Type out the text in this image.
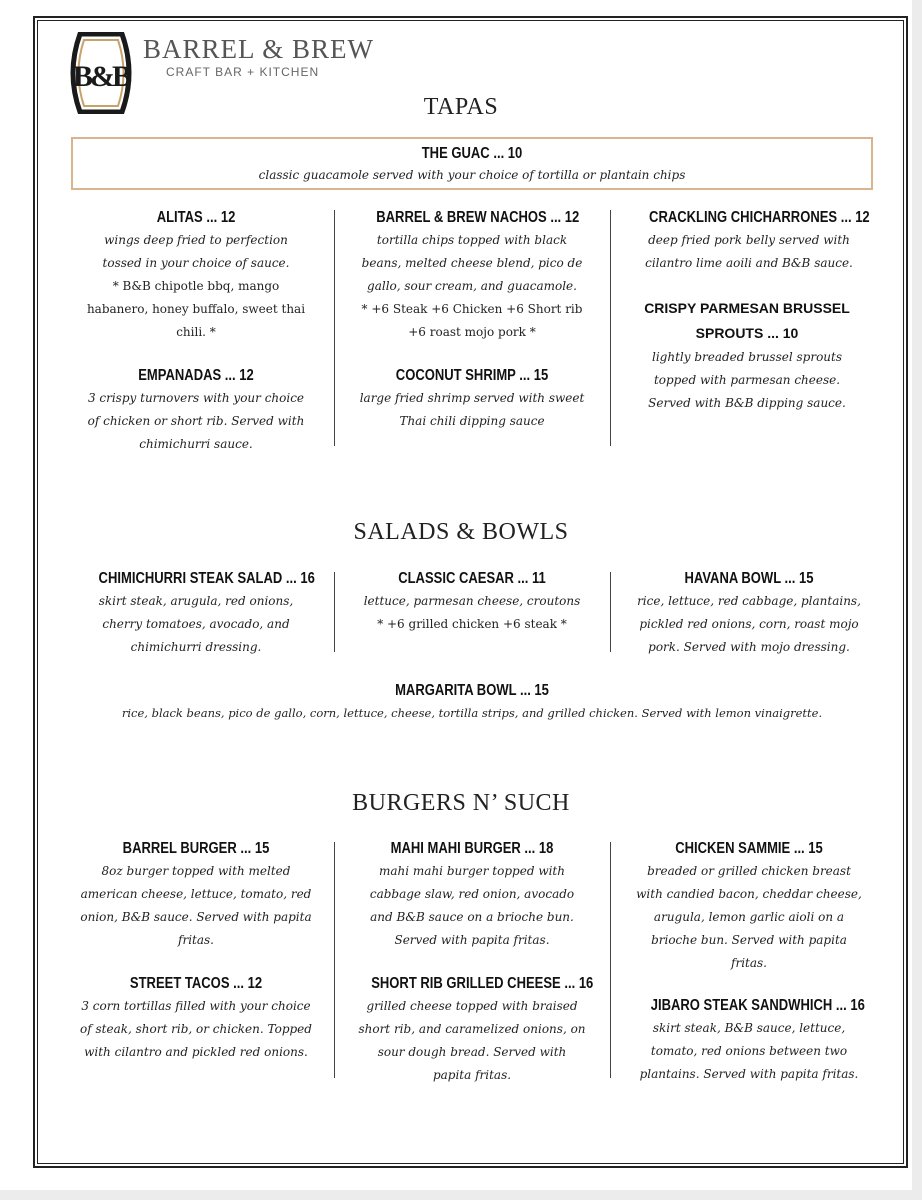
B&B
BARREL & BREW
CRAFT BAR + KITCHEN
TAPAS
THE GUAC ... 10
classic guacamole served with your choice of tortilla or plantain chips
ALITAS ... 12
wings deep fried to perfection tossed in your choice of sauce.
* B&B chipotle bbq, mango habanero, honey buffalo, sweet thai chili. *
EMPANADAS ... 12
3 crispy turnovers with your choice of chicken or short rib. Served with chimichurri sauce.
BARREL & BREW NACHOS ... 12
tortilla chips topped with black beans, melted cheese blend, pico de gallo, sour cream, and guacamole.
* +6 Steak +6 Chicken +6 Short rib +6 roast mojo pork *
COCONUT SHRIMP ... 15
large fried shrimp served with sweet Thai chili dipping sauce
CRACKLING CHICHARRONES ... 12
deep fried pork belly served with cilantro lime aoili and B&B sauce.
CRISPY PARMESAN BRUSSEL SPROUTS ... 10
lightly breaded brussel sprouts topped with parmesan cheese. Served with B&B dipping sauce.
SALADS & BOWLS
CHIMICHURRI STEAK SALAD ... 16
skirt steak, arugula, red onions, cherry tomatoes, avocado, and chimichurri dressing.
CLASSIC CAESAR ... 11
lettuce, parmesan cheese, croutons
* +6 grilled chicken +6 steak *
HAVANA BOWL ... 15
rice, lettuce, red cabbage, plantains, pickled red onions, corn, roast mojo pork. Served with mojo dressing.
MARGARITA BOWL ... 15
rice, black beans, pico de gallo, corn, lettuce, cheese, tortilla strips, and grilled chicken. Served with lemon vinaigrette.
BURGERS N’ SUCH
BARREL BURGER ... 15
8oz burger topped with melted american cheese, lettuce, tomato, red onion, B&B sauce. Served with papita fritas.
STREET TACOS ... 12
3 corn tortillas filled with your choice of steak, short rib, or chicken. Topped with cilantro and pickled red onions.
MAHI MAHI BURGER ... 18
mahi mahi burger topped with cabbage slaw, red onion, avocado and B&B sauce on a brioche bun. Served with papita fritas.
SHORT RIB GRILLED CHEESE ... 16
grilled cheese topped with braised short rib, and caramelized onions, on sour dough bread. Served with papita fritas.
CHICKEN SAMMIE ... 15
breaded or grilled chicken breast with candied bacon, cheddar cheese, arugula, lemon garlic aioli on a brioche bun. Served with papita fritas.
JIBARO STEAK SANDWHICH ... 16
skirt steak, B&B sauce, lettuce, tomato, red onions between two plantains. Served with papita fritas.
